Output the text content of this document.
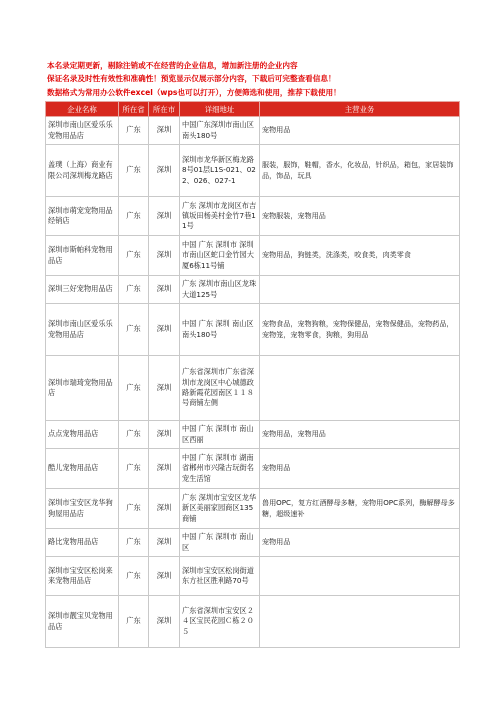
本名录定期更新，剔除注销或不在经营的企业信息，增加新注册的企业内容
保证名录及时性有效性和准确性！预览显示仅展示部分内容，下载后可完整查看信息！
数据格式为常用办公软件excel（wps也可以打开），方便筛选和使用，推荐下载使用！
企业名称	所在省	所在市	详细地址	主营业务
深圳市南山区爱乐乐宠物用品店	广东	深圳	中国广东深圳市南山区南头180号	宠物用品
盖璞（上海）商业有限公司深圳梅龙路店	广东	深圳	深圳市龙华新区梅龙路8号01层L1S-021、022、026、027-1	服装，服饰，鞋帽，香水，化妆品，针织品，箱包，家居装饰品，饰品，玩具
深圳市萌宠宠物用品经销店	广东	深圳	广东 深圳市龙岗区布吉镇坂田杨美村金竹7巷11号	宠物服装，宠物用品
深圳市斯帕科宠物用品店	广东	深圳	中国 广东 深圳市 深圳市南山区蛇口金竹园大厦6栋11号铺	宠物用品，狗链类，洗涤类，咬食类，肉类零食
深圳三好宠物用品店	广东	深圳	广东 深圳市南山区龙珠大道125号	
深圳市南山区爱乐乐宠物用品店	广东	深圳	中国 广东 深圳 南山区 南头180号	宠物食品，宠物狗粮，宠物保健品，宠物保健品，宠物药品，宠物笼，宠物零食，狗粮，狗用品
深圳市瑞琦宠物用品店	广东	深圳	广东省深圳市广东省深圳市龙岗区中心城德政路新霞花园南区１１８号商铺左侧	
点点宠物用品店	广东	深圳	中国 广东 深圳市 南山区西丽	宠物用品，宠物用品
酷儿宠物用品店	广东	深圳	中国 广东 深圳市 湖南省郴州市兴隆古玩街名宠生活馆	宠物用品
深圳市宝安区龙华狗狗屋用品店	广东	深圳	广东 深圳市宝安区龙华新区美丽家园商区135商铺	兽用OPC，复方红酒酵母多糖，宠物用OPC系列，酶解酵母多糖，超级速补
路比宠物用品店	广东	深圳	中国 广东 深圳市 南山区	宠物用品
深圳市宝安区松岗来来宠物用品店	广东	深圳	深圳市宝安区松岗街道东方社区胜利路70号	
深圳市靓宝贝宠物用品店	广东	深圳	广东省深圳市宝安区２４区宝民花园Ｃ栋２０５	
